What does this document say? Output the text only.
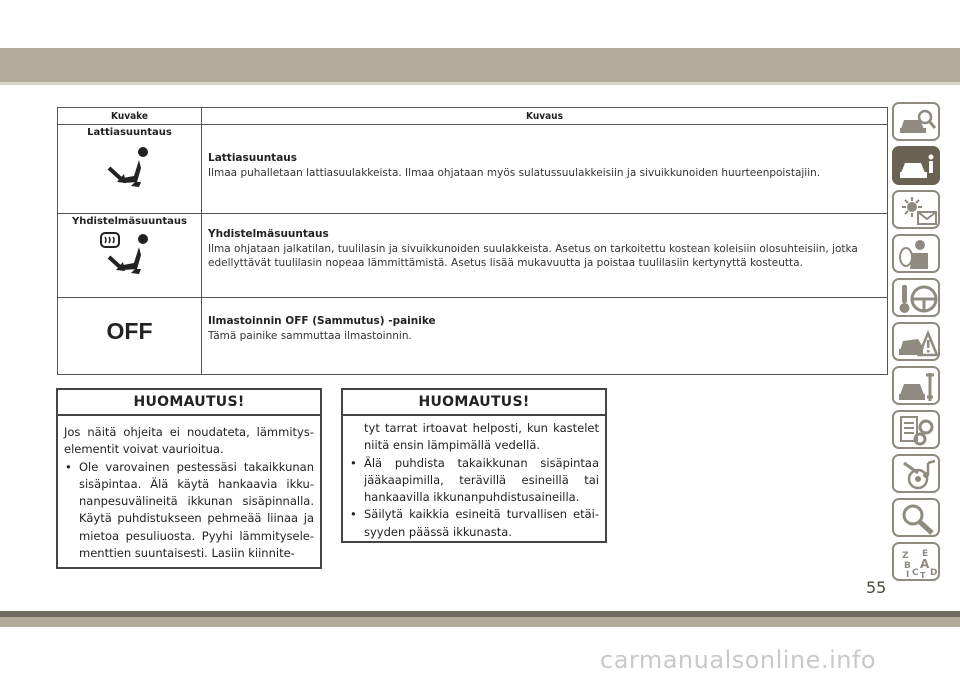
Kuvake	Kuvaus

Lattiasuuntaus	Lattiasuuntaus
Ilmaa puhalletaan lattiasuulakkeista. Ilmaa ohjataan myös sulatussuulakkeisiin ja sivuikkunoiden huurteenpoistajiin.

Yhdistelmäsuuntaus	Yhdistelmäsuuntaus
Ilma ohjataan jalkatilan, tuulilasin ja sivuikkunoiden suulakkeista. Asetus on tarkoitettu kostean koleisiin olosuhteisiin, jotka edellyttävät tuulilasin nopeaa lämmittämistä. Asetus lisää mukavuutta ja poistaa tuulilasiin kertynyttä kosteutta.

OFF	Ilmastoinnin OFF (Sammutus) -painike
Tämä painike sammuttaa ilmastoinnin.
HUOMAUTUS!
Jos näitä ohjeita ei noudateta, lämmitys-elementit voivat vaurioitua.
• Ole varovainen pestessäsi takaikkunan sisäpintaa. Älä käytä hankaavia ikku-nanpesuvälineitä ikkunan sisäpinnalla. Käytä puhdistukseen pehmeää liinaa ja mietoa pesuliuosta. Pyyhi lämmitysele-menttien suuntaisesti. Lasiin kiinnite-
HUOMAUTUS!
tyt tarrat irtoavat helposti, kun kastelet niitä ensin lämpimällä vedellä.
• Älä puhdista takaikkunan sisäpintaa jääkaapimilla, terävillä esineillä tai hankaavilla ikkunanpuhdistusaineilla.
• Säilytä kaikkia esineitä turvallisen etäi-syyden päässä ikkunasta.
Z E
B A
I C D
T
55
carmanualsonline.info
